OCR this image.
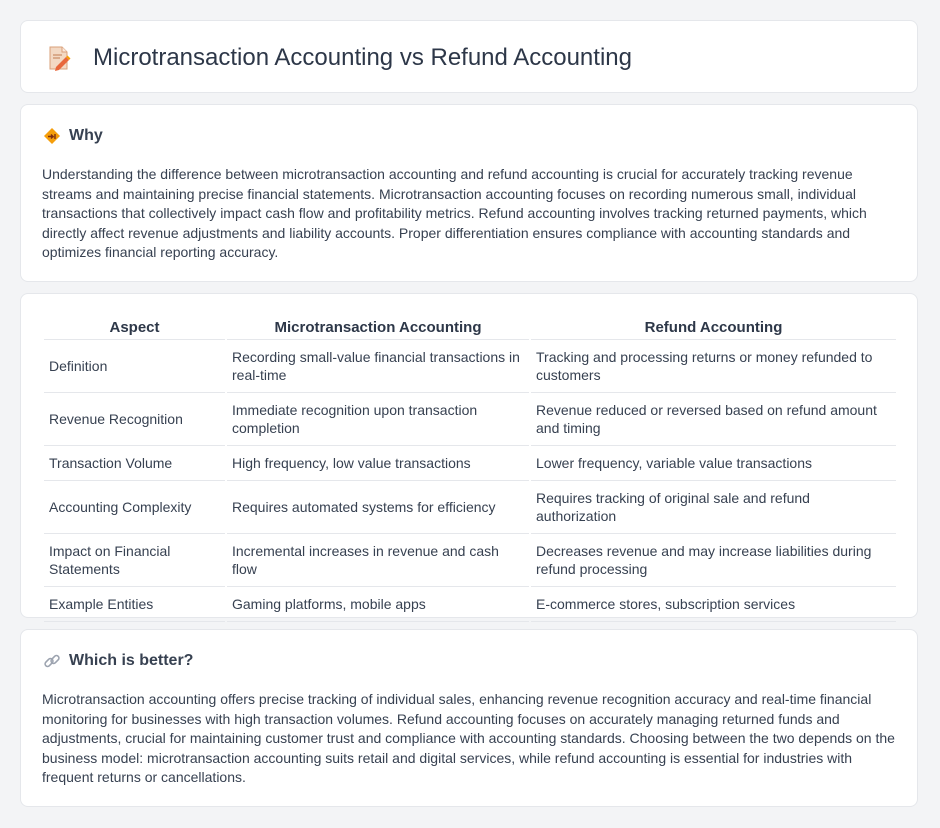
Microtransaction Accounting vs Refund Accounting
Why

Understanding the difference between microtransaction accounting and refund accounting is crucial for accurately tracking revenue streams and maintaining precise financial statements. Microtransaction accounting focuses on recording numerous small, individual transactions that collectively impact cash flow and profitability metrics. Refund accounting involves tracking returned payments, which directly affect revenue adjustments and liability accounts. Proper differentiation ensures compliance with accounting standards and optimizes financial reporting accuracy.

Aspect	Microtransaction Accounting	Refund Accounting
Definition	Recording small-value financial transactions in real-time	Tracking and processing returns or money refunded to customers
Revenue Recognition	Immediate recognition upon transaction completion	Revenue reduced or reversed based on refund amount and timing
Transaction Volume	High frequency, low value transactions	Lower frequency, variable value transactions
Accounting Complexity	Requires automated systems for efficiency	Requires tracking of original sale and refund authorization
Impact on Financial Statements	Incremental increases in revenue and cash flow	Decreases revenue and may increase liabilities during refund processing
Example Entities	Gaming platforms, mobile apps	E-commerce stores, subscription services
Which is better?

Microtransaction accounting offers precise tracking of individual sales, enhancing revenue recognition accuracy and real-time financial monitoring for businesses with high transaction volumes. Refund accounting focuses on accurately managing returned funds and adjustments, crucial for maintaining customer trust and compliance with accounting standards. Choosing between the two depends on the business model: microtransaction accounting suits retail and digital services, while refund accounting is essential for industries with frequent returns or cancellations.
